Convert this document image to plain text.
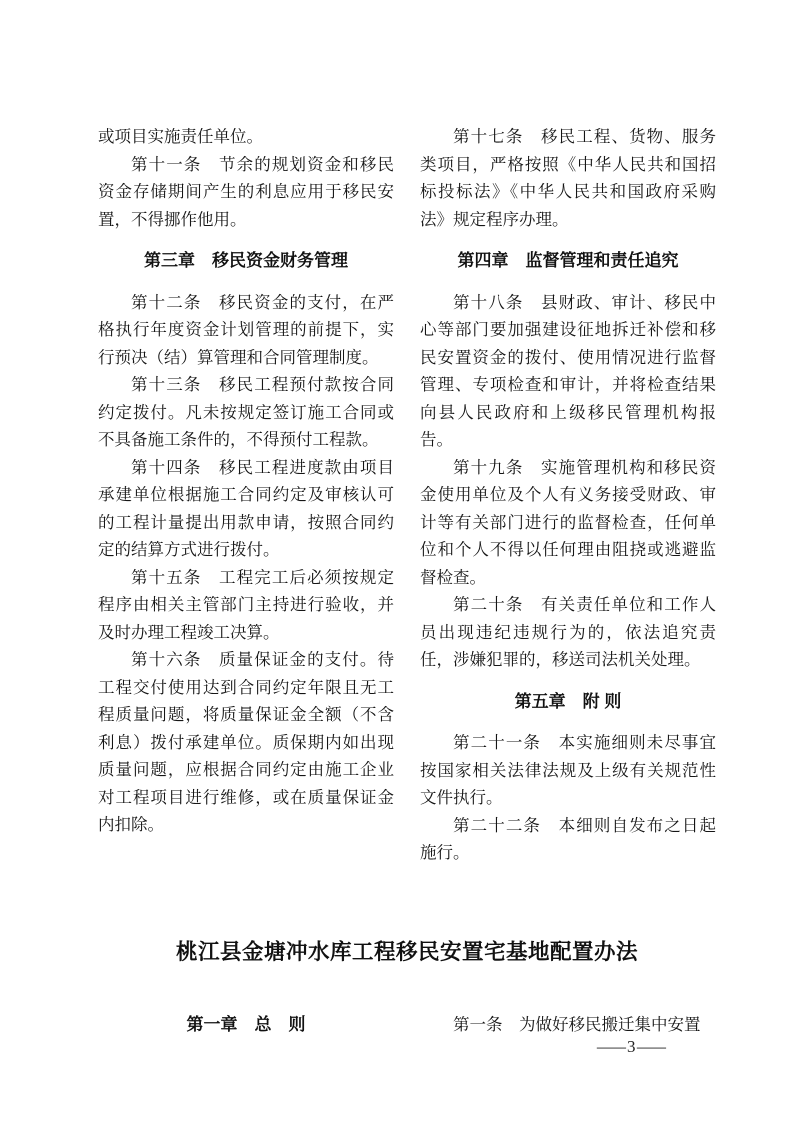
或项目实施责任单位。

第十一条　节余的规划资金和移民资金存储期间产生的利息应用于移民安置，不得挪作他用。

第三章　移民资金财务管理

第十二条　移民资金的支付，在严格执行年度资金计划管理的前提下，实行预决（结）算管理和合同管理制度。

第十三条　移民工程预付款按合同约定拨付。凡未按规定签订施工合同或不具备施工条件的，不得预付工程款。

第十四条　移民工程进度款由项目承建单位根据施工合同约定及审核认可的工程计量提出用款申请，按照合同约定的结算方式进行拨付。

第十五条　工程完工后必须按规定程序由相关主管部门主持进行验收，并及时办理工程竣工决算。

第十六条　质量保证金的支付。待工程交付使用达到合同约定年限且无工程质量问题，将质量保证金全额（不含利息）拨付承建单位。质保期内如出现质量问题，应根据合同约定由施工企业对工程项目进行维修，或在质量保证金内扣除。

第十七条　移民工程、货物、服务类项目，严格按照《中华人民共和国招标投标法》《中华人民共和国政府采购法》规定程序办理。

第四章　监督管理和责任追究

第十八条　县财政、审计、移民中心等部门要加强建设征地拆迁补偿和移民安置资金的拨付、使用情况进行监督管理、专项检查和审计，并将检查结果向县人民政府和上级移民管理机构报告。

第十九条　实施管理机构和移民资金使用单位及个人有义务接受财政、审计等有关部门进行的监督检查，任何单位和个人不得以任何理由阻挠或逃避监督检查。

第二十条　有关责任单位和工作人员出现违纪违规行为的，依法追究责任，涉嫌犯罪的，移送司法机关处理。

第五章　附 则

第二十一条　本实施细则未尽事宜按国家相关法律法规及上级有关规范性文件执行。

第二十二条　本细则自发布之日起施行。

桃江县金塘冲水库工程移民安置宅基地配置办法
第一章　总　则	第一条　为做好移民搬迁集中安置

—3—
